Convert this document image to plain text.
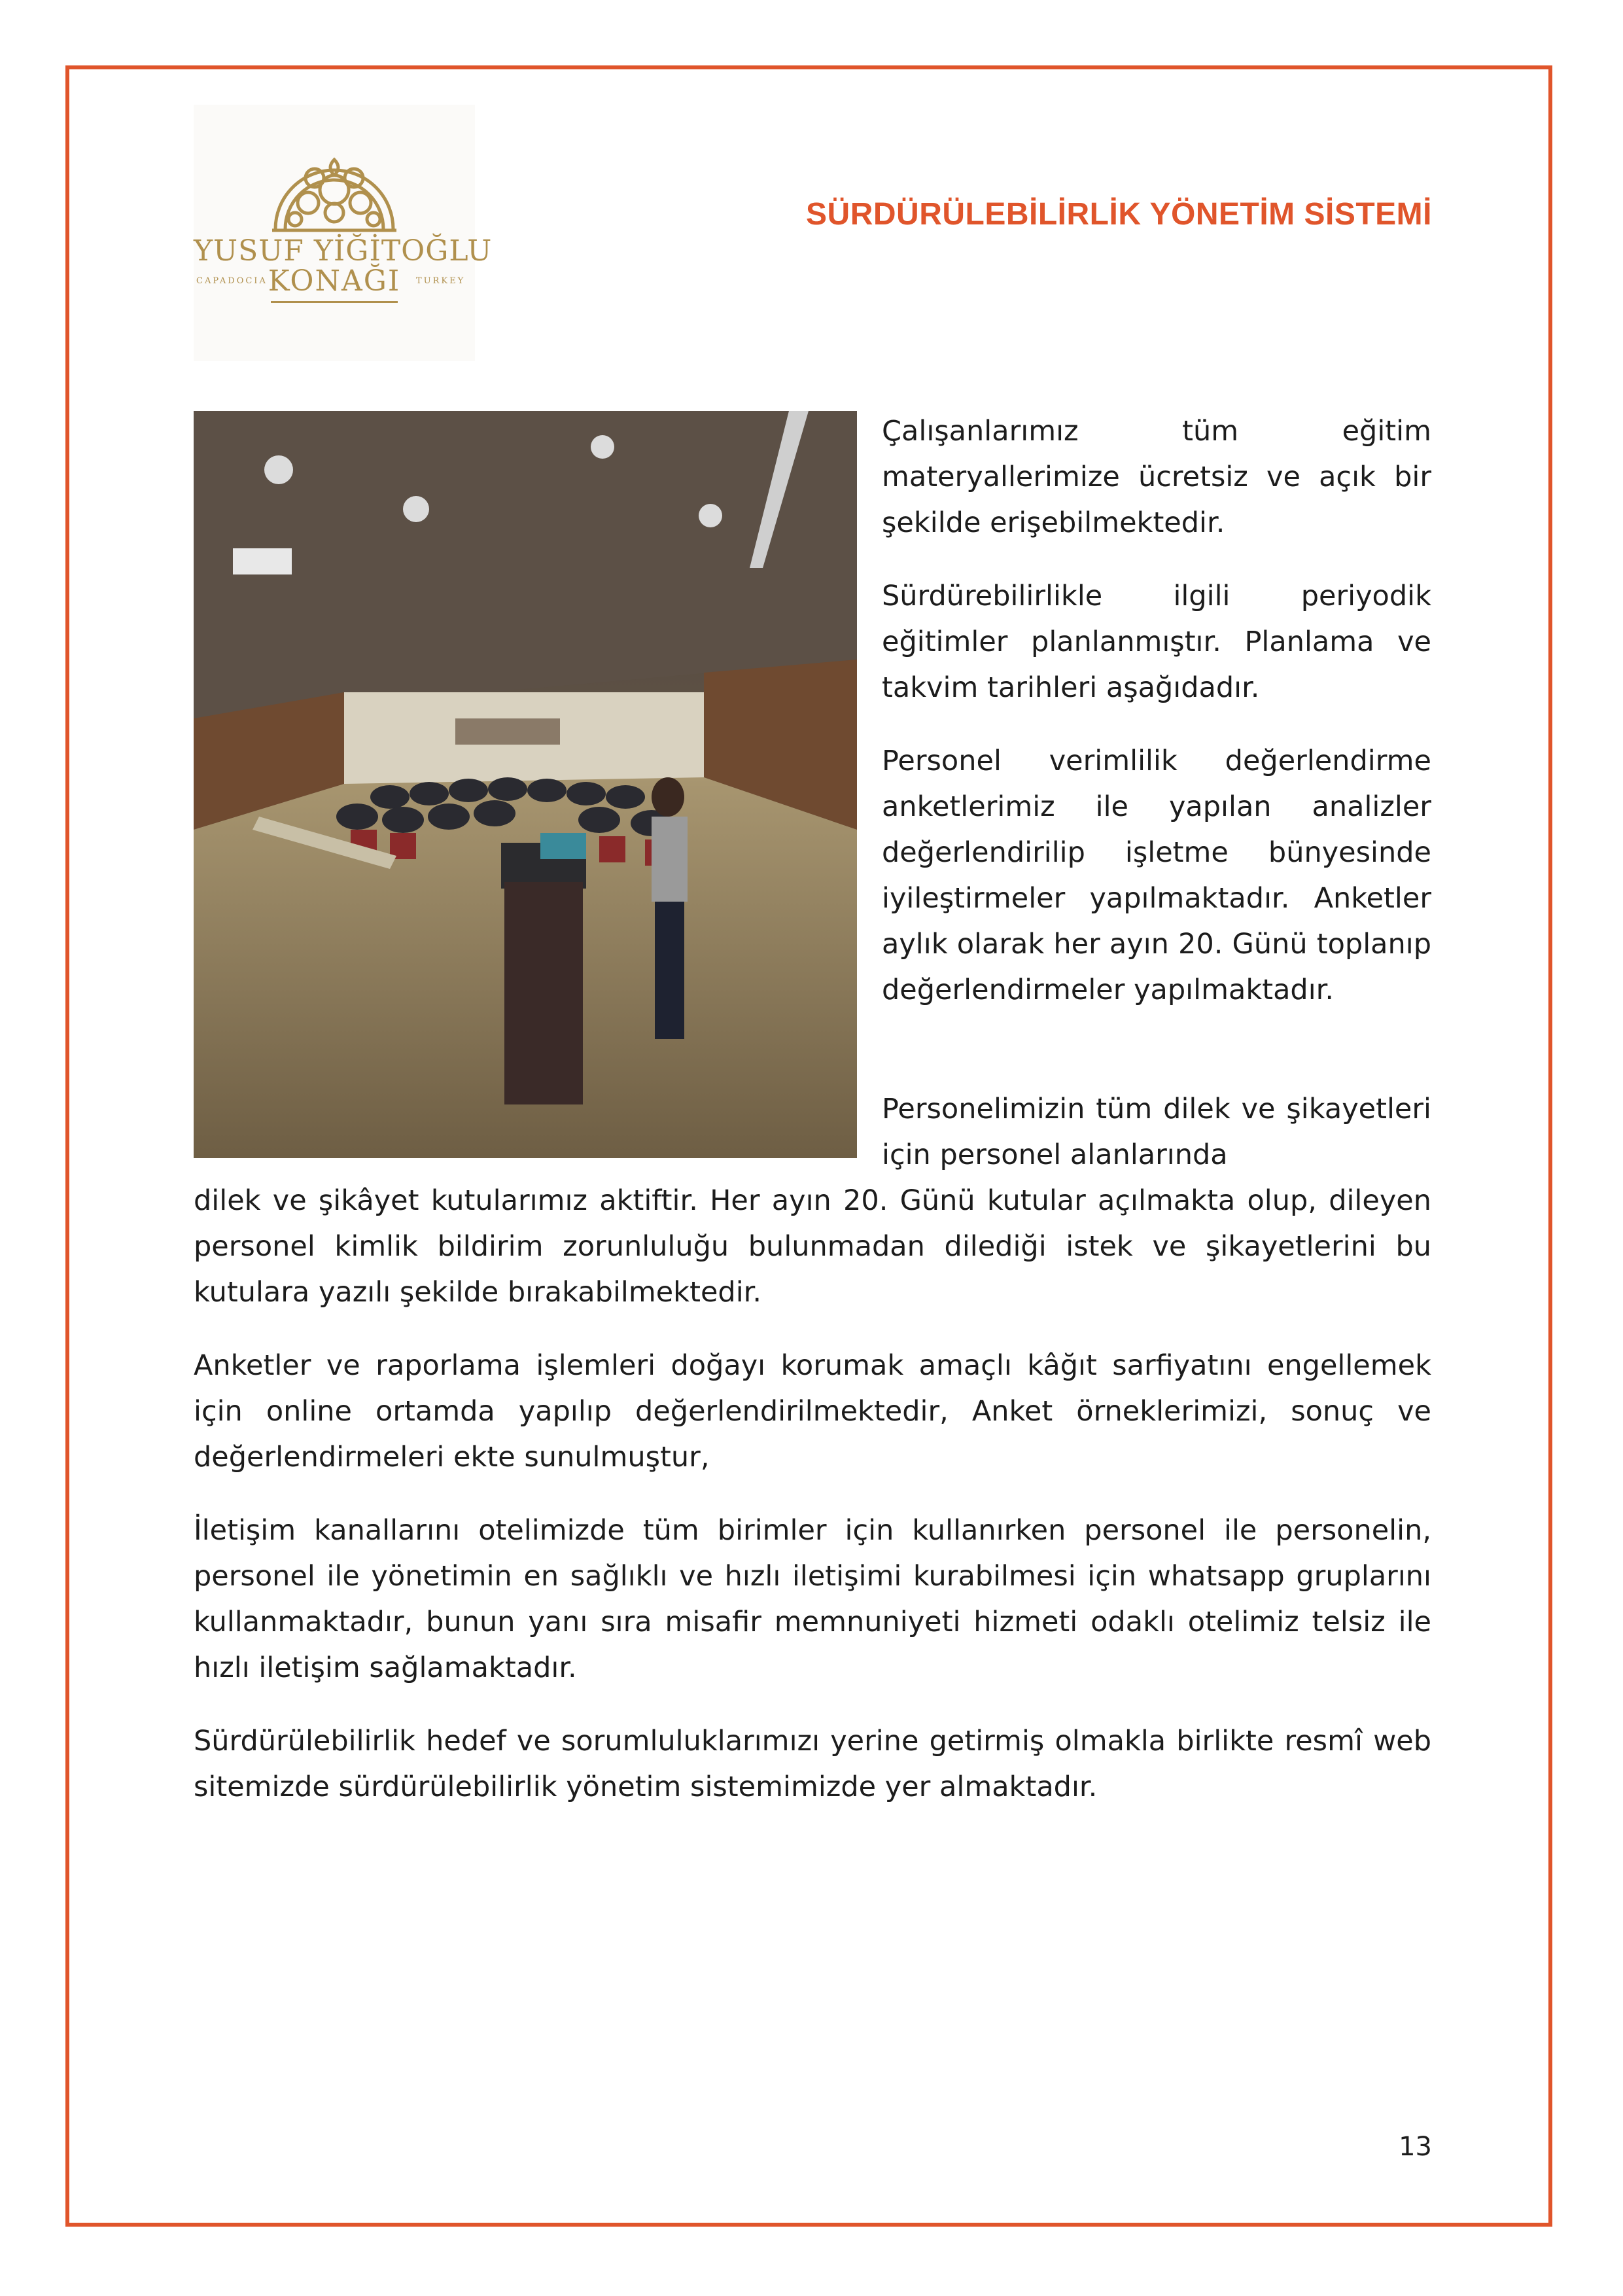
YUSUF YİĞİTOĞLU
CAPADOCIA KONAĞI TURKEY
SÜRDÜRÜLEBİLİRLİK YÖNETİM SİSTEMİ

Çalışanlarımız tüm eğitim materyallerimize ücretsiz ve açık bir şekilde erişebilmektedir.

Sürdürebilirlikle ilgili periyodik eğitimler planlanmıştır. Planlama ve takvim tarihleri aşağıdadır.

Personel verimlilik değerlendirme anketlerimiz ile yapılan analizler değerlendirilip işletme bünyesinde iyileştirmeler yapılmaktadır. Anketler aylık olarak her ayın 20. Günü toplanıp değerlendirmeler yapılmaktadır.

Personelimizin tüm dilek ve şikayetleri için personel alanlarında

dilek ve şikâyet kutularımız aktiftir. Her ayın 20. Günü kutular açılmakta olup, dileyen personel kimlik bildirim zorunluluğu bulunmadan dilediği istek ve şikayetlerini bu kutulara yazılı şekilde bırakabilmektedir.

Anketler ve raporlama işlemleri doğayı korumak amaçlı kâğıt sarfiyatını engellemek için online ortamda yapılıp değerlendirilmektedir, Anket örneklerimizi, sonuç ve değerlendirmeleri ekte sunulmuştur,

İletişim kanallarını otelimizde tüm birimler için kullanırken personel ile personelin, personel ile yönetimin en sağlıklı ve hızlı iletişimi kurabilmesi için whatsapp gruplarını kullanmaktadır, bunun yanı sıra misafir memnuniyeti hizmeti odaklı otelimiz telsiz ile hızlı iletişim sağlamaktadır.

Sürdürülebilirlik hedef ve sorumluluklarımızı yerine getirmiş olmakla birlikte resmî web sitemizde sürdürülebilirlik yönetim sistemimizde yer almaktadır.

13
